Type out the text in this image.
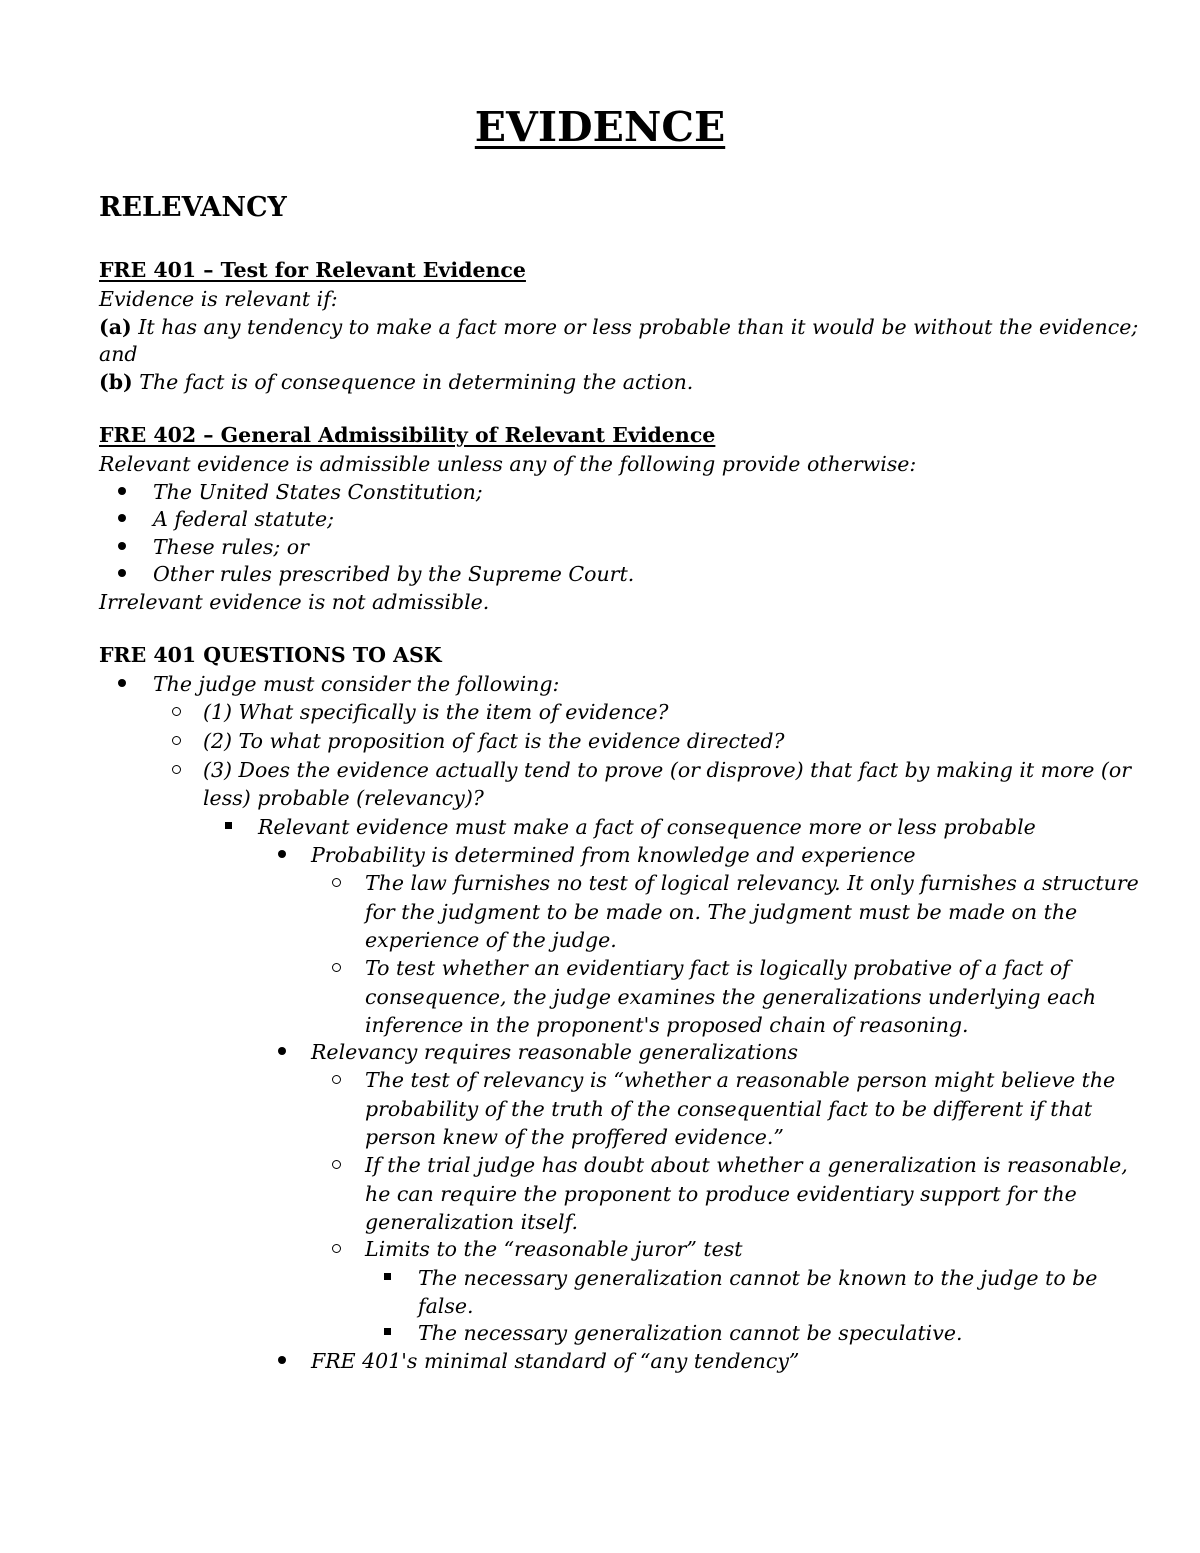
EVIDENCE
RELEVANCY
FRE 401 – Test for Relevant Evidence
Evidence is relevant if:
(a) It has any tendency to make a fact more or less probable than it would be without the evidence;
and
(b) The fact is of consequence in determining the action.
FRE 402 – General Admissibility of Relevant Evidence
Relevant evidence is admissible unless any of the following provide otherwise:
The United States Constitution;
A federal statute;
These rules; or
Other rules prescribed by the Supreme Court.
Irrelevant evidence is not admissible.
FRE 401 QUESTIONS TO ASK
The judge must consider the following:
(1) What specifically is the item of evidence?
(2) To what proposition of fact is the evidence directed?
(3) Does the evidence actually tend to prove (or disprove) that fact by making it more (or
less) probable (relevancy)?
Relevant evidence must make a fact of consequence more or less probable
Probability is determined from knowledge and experience
The law furnishes no test of logical relevancy. It only furnishes a structure
for the judgment to be made on. The judgment must be made on the
experience of the judge.
To test whether an evidentiary fact is logically probative of a fact of
consequence, the judge examines the generalizations underlying each
inference in the proponent's proposed chain of reasoning.
Relevancy requires reasonable generalizations
The test of relevancy is “whether a reasonable person might believe the
probability of the truth of the consequential fact to be different if that
person knew of the proffered evidence.”
If the trial judge has doubt about whether a generalization is reasonable,
he can require the proponent to produce evidentiary support for the
generalization itself.
Limits to the “reasonable juror” test
The necessary generalization cannot be known to the judge to be
false.
The necessary generalization cannot be speculative.
FRE 401's minimal standard of “any tendency”
